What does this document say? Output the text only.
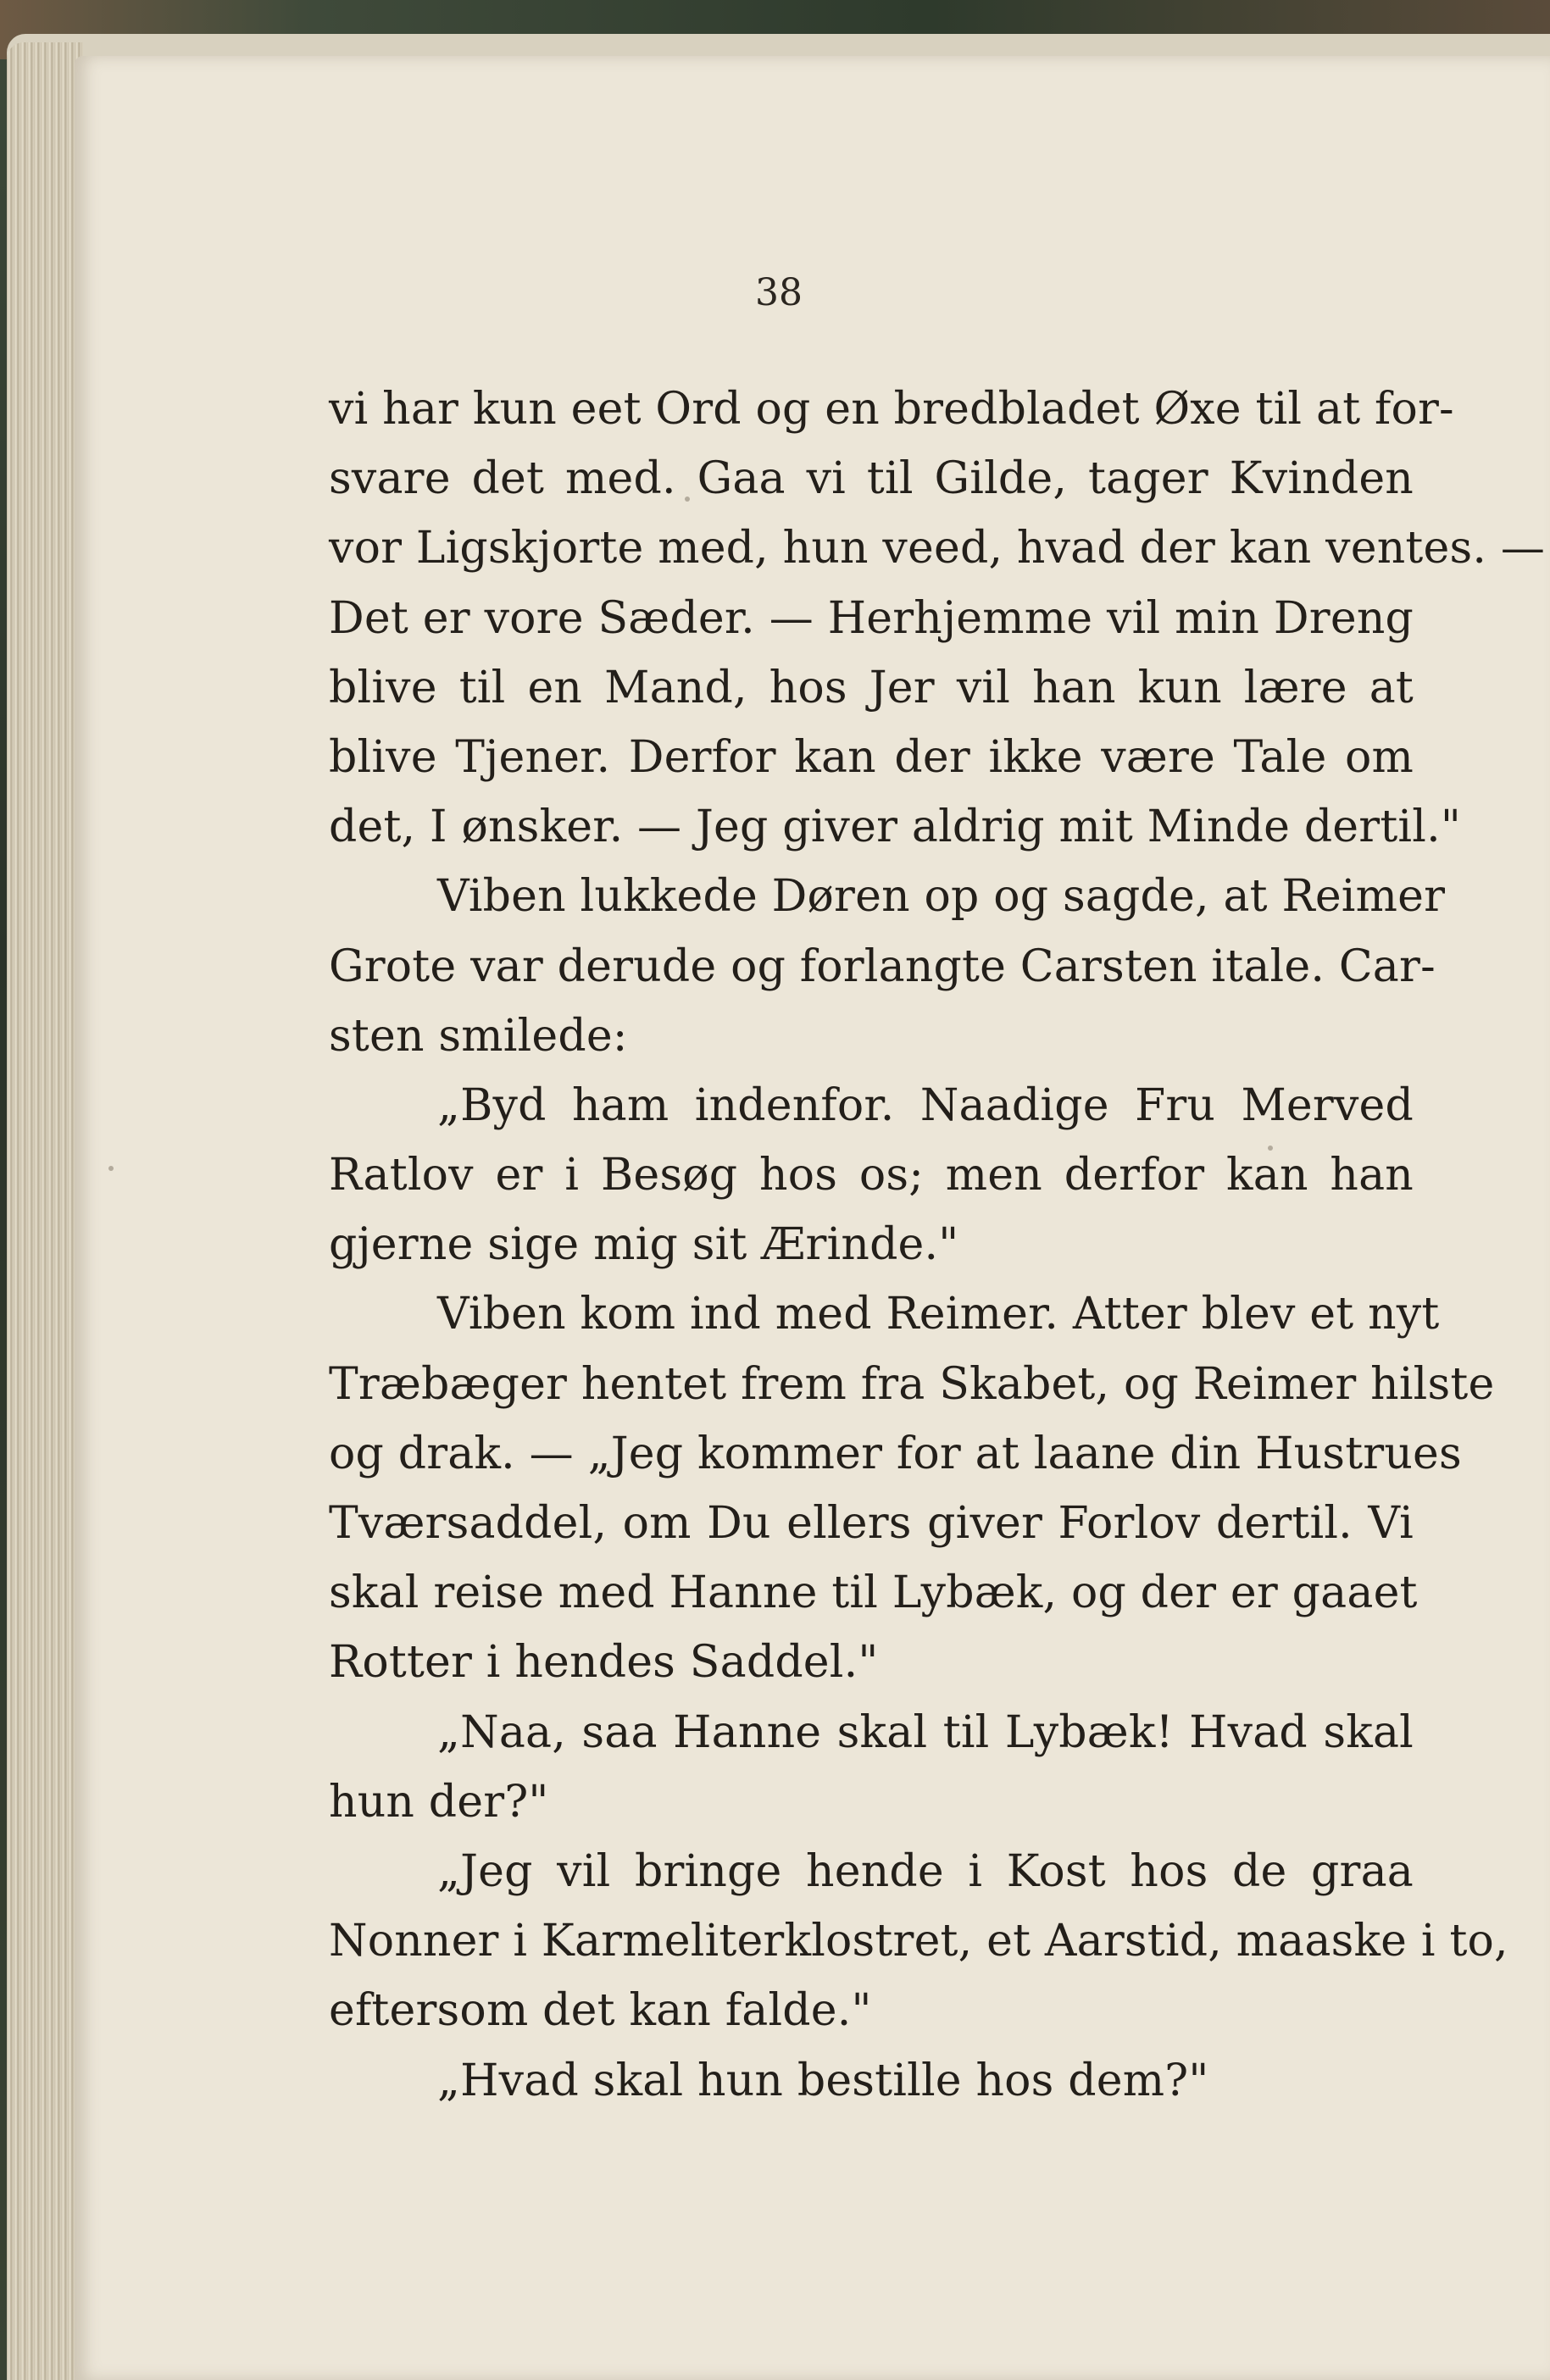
38
vi har kun eet Ord og en bredbladet Øxe til at for-
svare det med. Gaa vi til Gilde, tager Kvinden
vor Ligskjorte med, hun veed, hvad der kan ventes. —
Det er vore Sæder. — Herhjemme vil min Dreng
blive til en Mand, hos Jer vil han kun lære at
blive Tjener. Derfor kan der ikke være Tale om
det, I ønsker. — Jeg giver aldrig mit Minde dertil."
Viben lukkede Døren op og sagde, at Reimer
Grote var derude og forlangte Carsten itale. Car-
sten smilede:
„Byd ham indenfor. Naadige Fru Merved
Ratlov er i Besøg hos os; men derfor kan han
gjerne sige mig sit Ærinde."
Viben kom ind med Reimer. Atter blev et nyt
Træbæger hentet frem fra Skabet, og Reimer hilste
og drak. — „Jeg kommer for at laane din Hustrues
Tværsaddel, om Du ellers giver Forlov dertil. Vi
skal reise med Hanne til Lybæk, og der er gaaet
Rotter i hendes Saddel."
„Naa, saa Hanne skal til Lybæk! Hvad skal
hun der?"
„Jeg vil bringe hende i Kost hos de graa
Nonner i Karmeliterklostret, et Aarstid, maaske i to,
eftersom det kan falde."
„Hvad skal hun bestille hos dem?"
